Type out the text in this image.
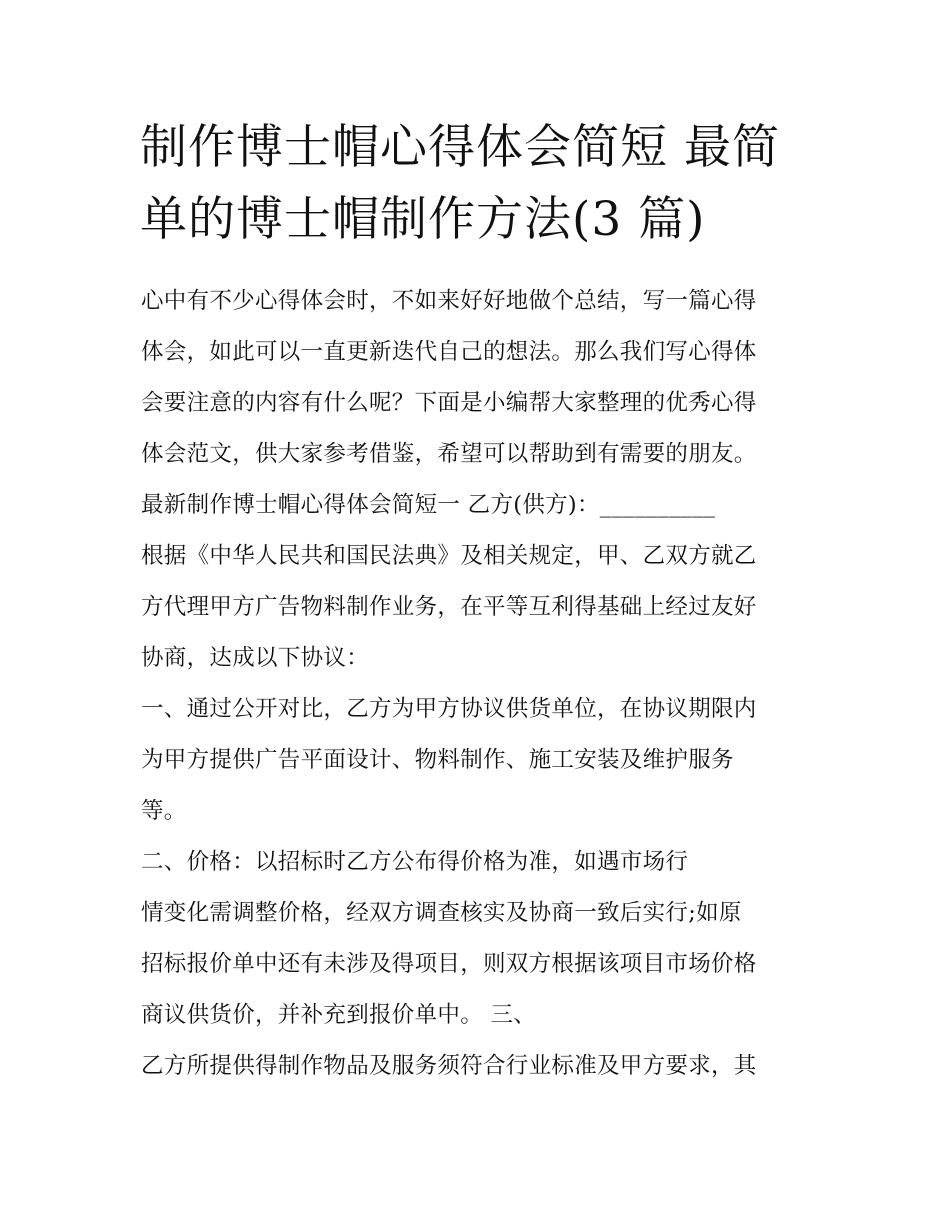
制作博士帽心得体会简短 最简
单的博士帽制作方法(3 篇)
心中有不少心得体会时，不如来好好地做个总结，写一篇心得
体会，如此可以一直更新迭代自己的想法。那么我们写心得体
会要注意的内容有什么呢？下面是小编帮大家整理的优秀心得
体会范文，供大家参考借鉴，希望可以帮助到有需要的朋友。
最新制作博士帽心得体会简短一 乙方(供方)：__________
根据《中华人民共和国民法典》及相关规定，甲、乙双方就乙
方代理甲方广告物料制作业务，在平等互利得基础上经过友好
协商，达成以下协议：
一、通过公开对比，乙方为甲方协议供货单位，在协议期限内
为甲方提供广告平面设计、物料制作、施工安装及维护服务
等。
二、价格：以招标时乙方公布得价格为准，如遇市场行
情变化需调整价格，经双方调查核实及协商一致后实行;如原
招标报价单中还有未涉及得项目，则双方根据该项目市场价格
商议供货价，并补充到报价单中。 三、
乙方所提供得制作物品及服务须符合行业标准及甲方要求，其
